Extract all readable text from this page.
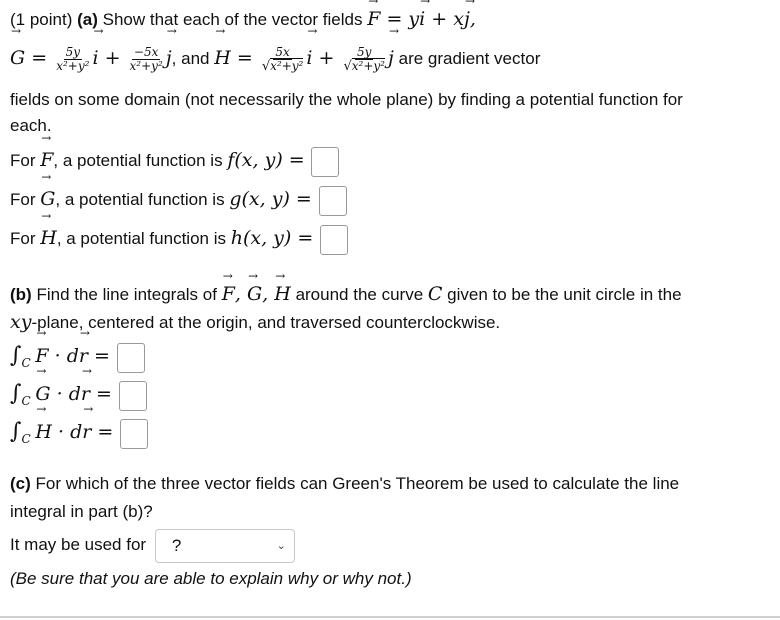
(1 point) (a) Show that each of the vector fields → F = y→ i + x→ j,
→ $G = \frac{5y}{\text{x²+y²}}$
→ $i + \frac{-5x}{\text{x²+y²}}$
→ j, and → $H = \frac{5x}{\text{√x²+y²}}$
→ $i + \frac{5y}{\text{√x²+y²}}$
→ j are gradient vector
fields on some domain (not necessarily the whole plane) by finding a potential function for
each.
For → F, a potential function is f(x, y) =
For → G, a potential function is g(x, y) =
For → H, a potential function is h(x, y) =
(b) Find the line integrals of → F, → G, → H around the curve C given to be the unit circle in the
xy-plane, centered at the origin, and traversed counterclockwise.
$\int_C \to F \cdot d\to r$ =
$\int_C \to G \cdot d\to r$ =
$\int_C \to H \cdot d\to r$ =
(c) For which of the three vector fields can Green's Theorem be used to calculate the line
integral in part (b)?
It may be used for ?	⌄
(Be sure that you are able to explain why or why not.)
